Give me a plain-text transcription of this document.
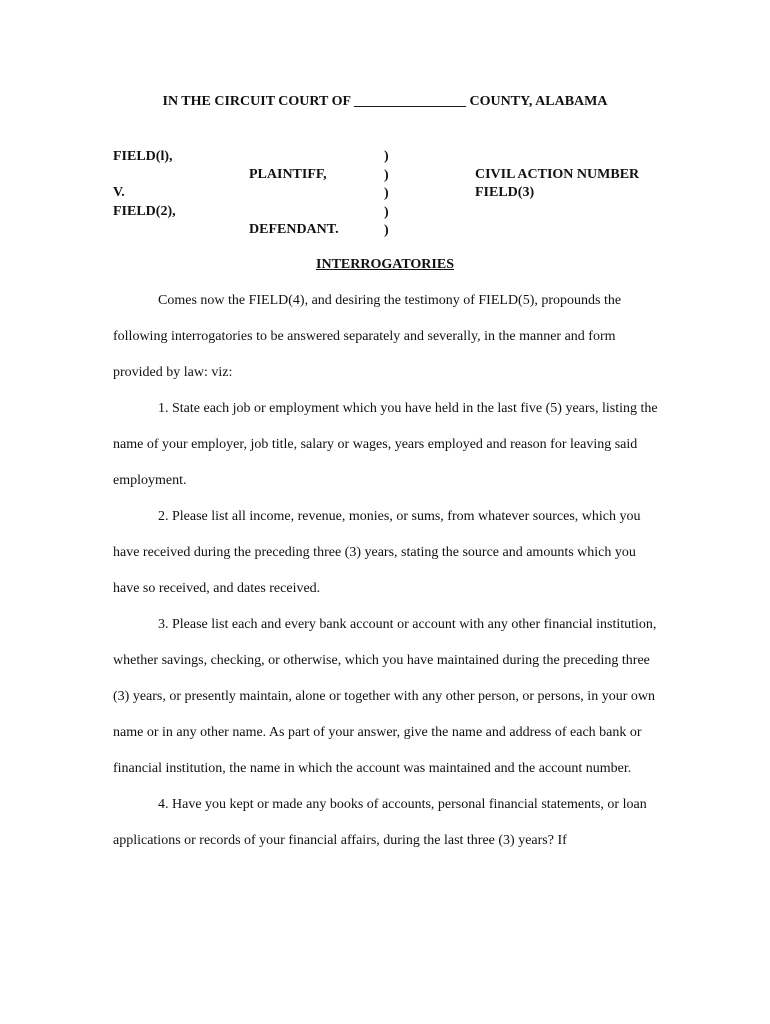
IN THE CIRCUIT COURT OF ________________ COUNTY, ALABAMA
FIELD(l),
PLAINTIFF,
V.
FIELD(2),
DEFENDANT.
)
)
)
)
)
CIVIL ACTION NUMBER
FIELD(3)
INTERROGATORIES

Comes now the FIELD(4), and desiring the testimony of FIELD(5), propounds the following interrogatories to be answered separately and severally, in the manner and form provided by law: viz:

1. State each job or employment which you have held in the last five (5) years, listing the name of your employer, job title, salary or wages, years employed and reason for leaving said employment.

2. Please list all income, revenue, monies, or sums, from whatever sources, which you have received during the preceding three (3) years, stating the source and amounts which you have so received, and dates received.

3. Please list each and every bank account or account with any other financial institution, whether savings, checking, or otherwise, which you have maintained during the preceding three (3) years, or presently maintain, alone or together with any other person, or persons, in your own name or in any other name. As part of your answer, give the name and address of each bank or financial institution, the name in which the account was maintained and the account number.

4. Have you kept or made any books of accounts, personal financial statements, or loan applications or records of your financial affairs, during the last three (3) years? If
